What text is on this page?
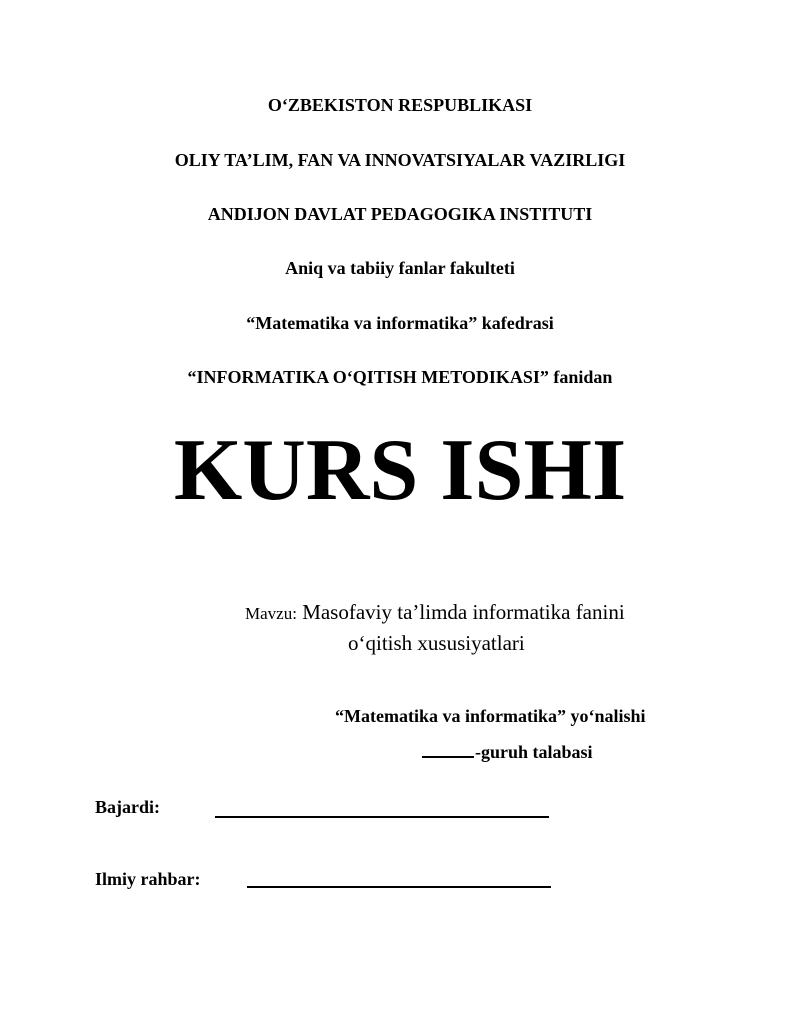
O‘ZBEKISTON RESPUBLIKASI
OLIY TA’LIM, FAN VA INNOVATSIYALAR VAZIRLIGI
ANDIJON DAVLAT PEDAGOGIKA INSTITUTI
Aniq va tabiiy fanlar fakulteti
“Matematika va informatika” kafedrasi
“INFORMATIKA O‘QITISH METODIKASI” fanidan
KURS ISHI
Mavzu: Masofaviy ta’limda informatika fanini
o‘qitish xususiyatlari
“Matematika va informatika” yo‘nalishi
-guruh talabasi
Bajardi:
Ilmiy rahbar:
